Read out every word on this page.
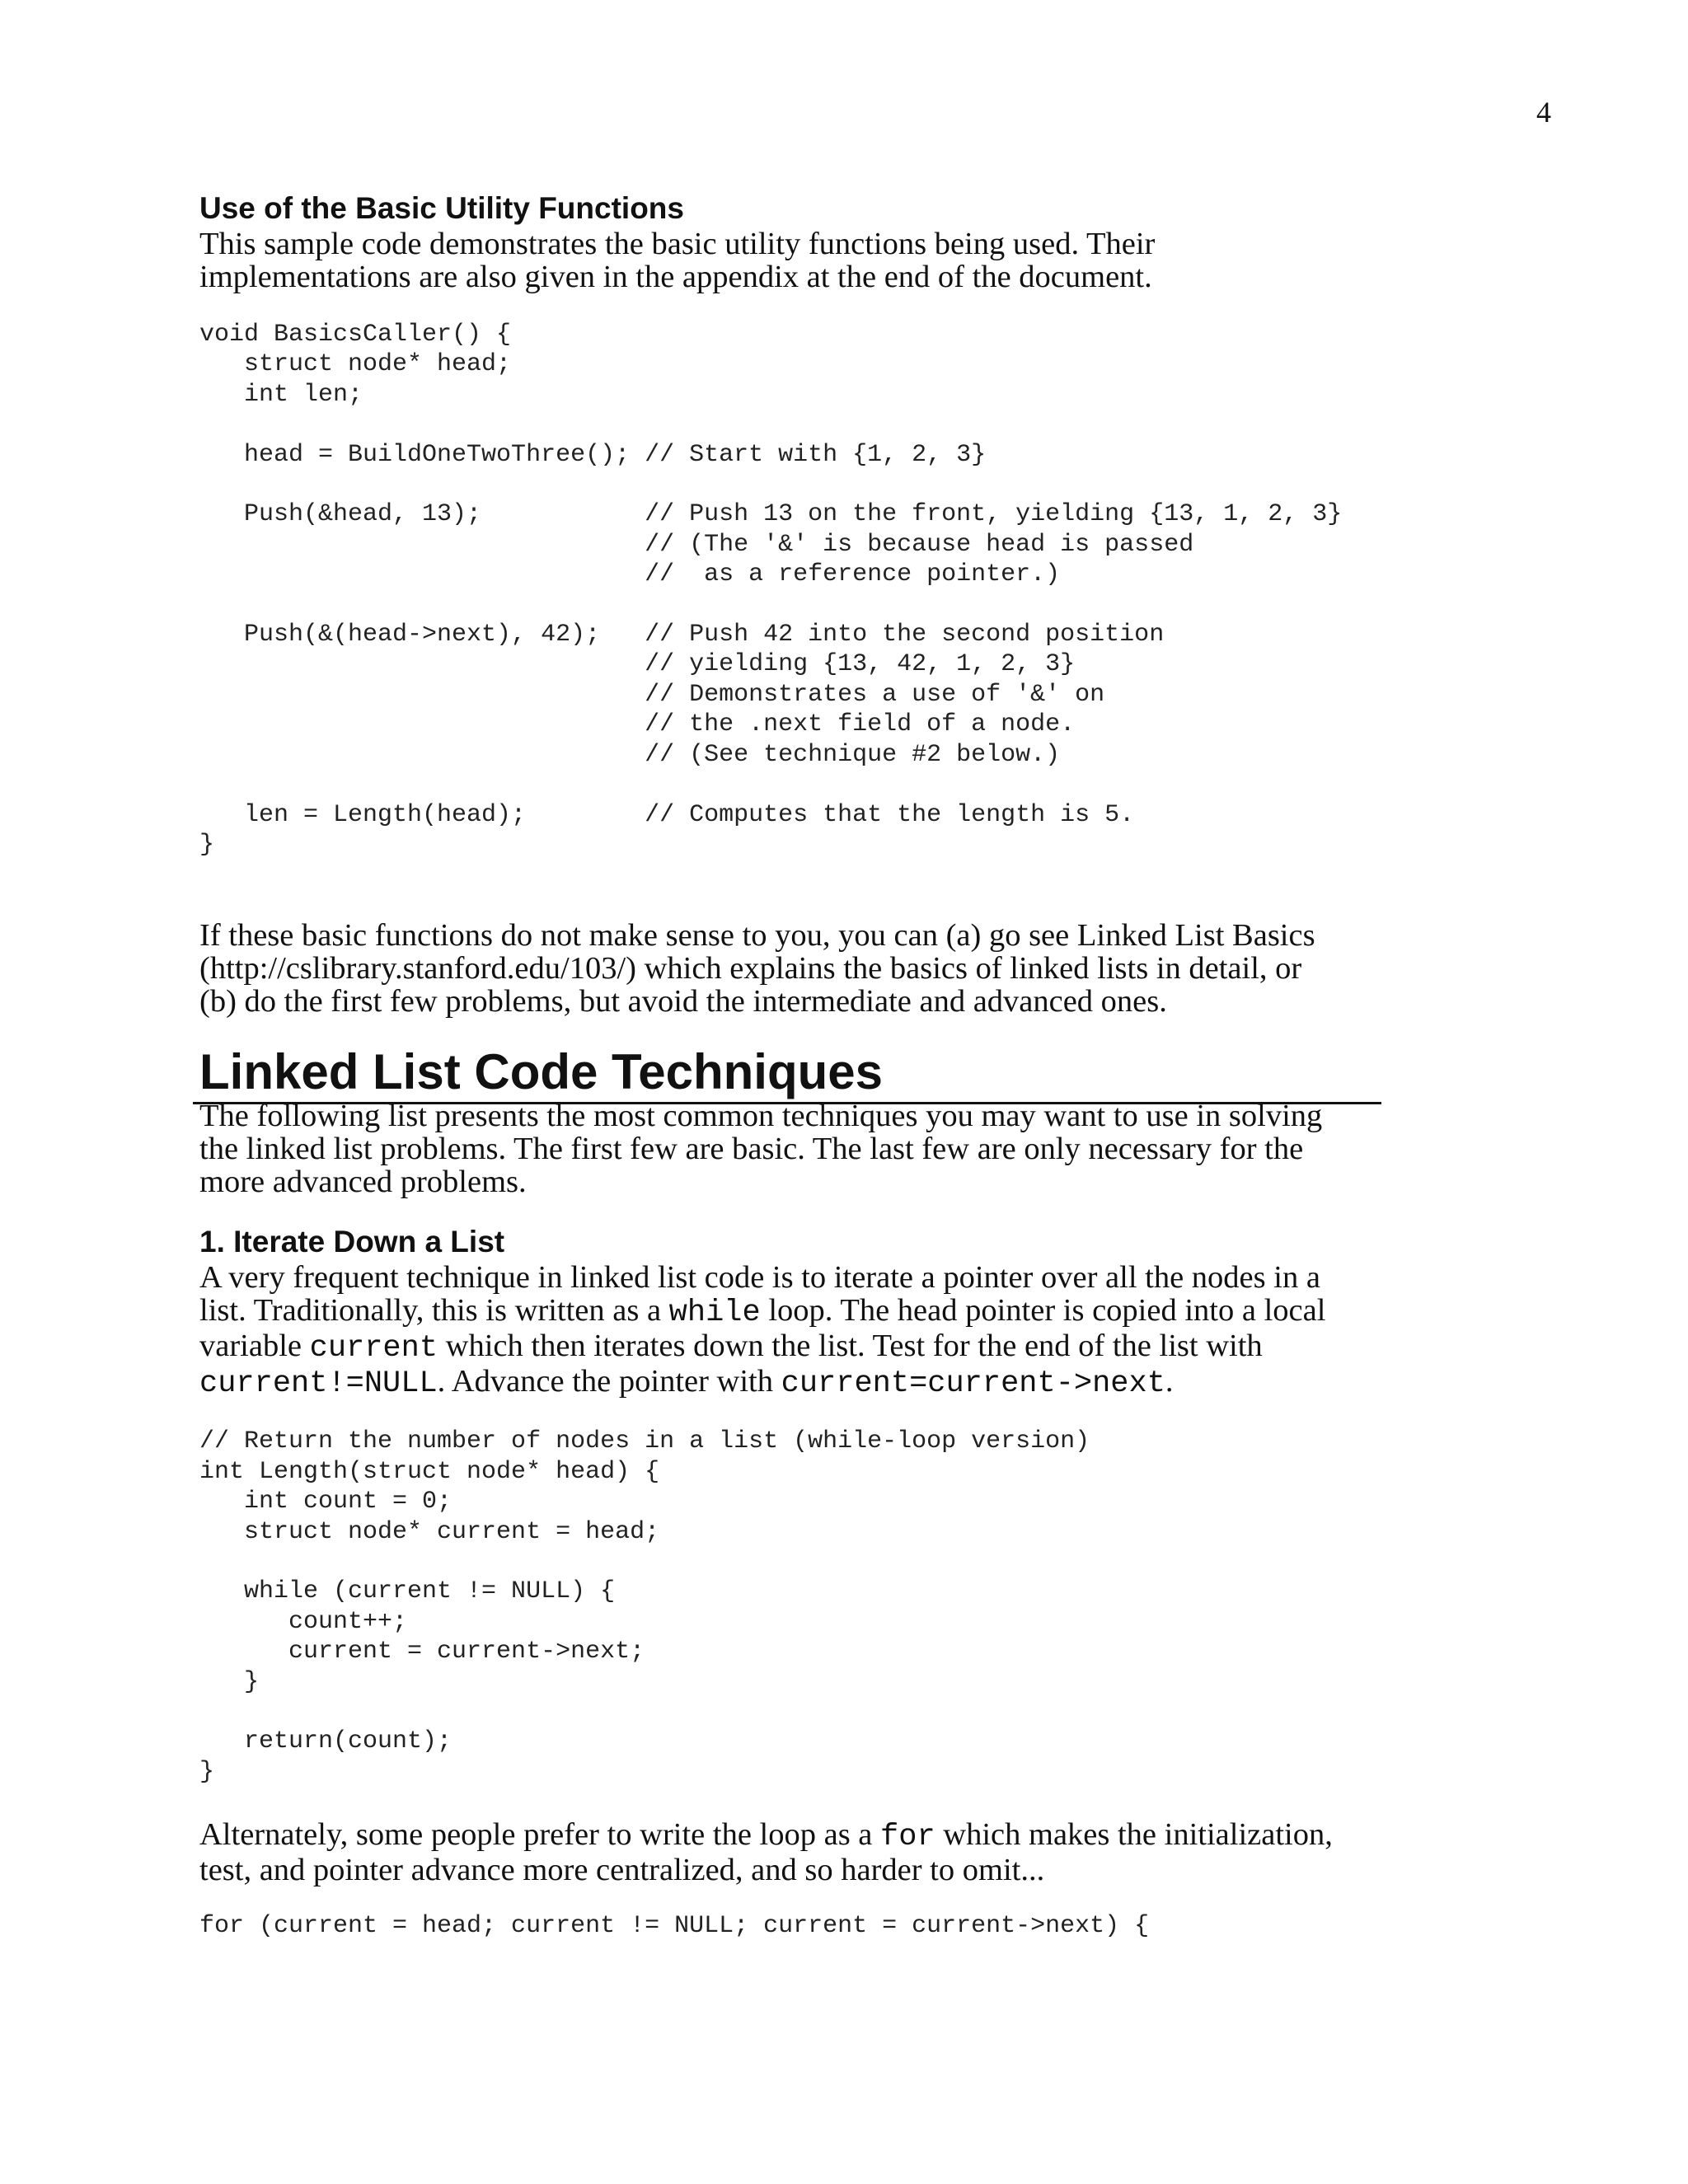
4
Use of the Basic Utility Functions

This sample code demonstrates the basic utility functions being used. Their
implementations are also given in the appendix at the end of the document.

void BasicsCaller() {
struct node* head;
int len;

head = BuildOneTwoThree(); // Start with {1, 2, 3}

Push(&head, 13);           // Push 13 on the front, yielding {13, 1, 2, 3}
// (The '&' is because head is passed
//  as a reference pointer.)

Push(&(head->next), 42);   // Push 42 into the second position
// yielding {13, 42, 1, 2, 3}
// Demonstrates a use of '&' on
// the .next field of a node.
// (See technique #2 below.)

len = Length(head);        // Computes that the length is 5.
}

If these basic functions do not make sense to you, you can (a) go see Linked List Basics
(http://cslibrary.stanford.edu/103/) which explains the basics of linked lists in detail, or
(b) do the first few problems, but avoid the intermediate and advanced ones.

Linked List Code Techniques

The following list presents the most common techniques you may want to use in solving
the linked list problems. The first few are basic. The last few are only necessary for the
more advanced problems.

1. Iterate Down a List

A very frequent technique in linked list code is to iterate a pointer over all the nodes in a

list. Traditionally, this is written as a while loop. The head pointer is copied into a local

variable current which then iterates down the list. Test for the end of the list with

current!=NULL. Advance the pointer with current=current->next.

// Return the number of nodes in a list (while-loop version)
int Length(struct node* head) {
int count = 0;
struct node* current = head;

while (current != NULL) {
count++;
current = current->next;
}

return(count);
}

Alternately, some people prefer to write the loop as a for which makes the initialization,

test, and pointer advance more centralized, and so harder to omit...

for (current = head; current != NULL; current = current->next) {
